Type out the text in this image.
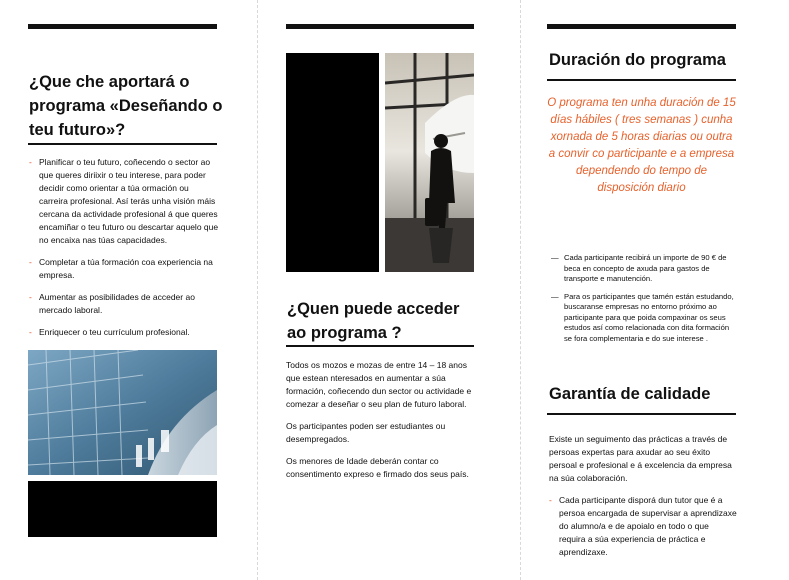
¿Que che aportará o programa «Deseñando o teu futuro»?
- Planificar o teu futuro, coñecendo o sector ao que queres diriixir o teu interese, para poder decidir como orientar a túa ormación ou carreira profesional. Así terás unha visión máis cercana da actividade profesional á que queres encamiñar o teu futuro ou descartar aquelo que no encaixa nas túas capacidades.
- Completar a túa formación coa experiencia na empresa.
- Aumentar as posibilidades de acceder ao mercado laboral.
- Enriquecer o teu currículum profesional.
¿Quen puede acceder ao programa ?

Todos os mozos e mozas de entre 14 – 18 anos que estean nteresados en aumentar a súa formación, coñecendo dun sector ou actividade e comezar a deseñar o seu plan de futuro laboral.

Os participantes poden ser estudiantes ou desempregados.

Os menores de Idade deberán contar co consentimento expreso e firmado dos seus país.

Duración do programa
O programa ten unha duración de 15 días hábiles ( tres semanas ) cunha xornada de 5 horas diarias ou outra a convir co participante e a empresa dependendo do tempo de disposición diario
— Cada participante recibirá un importe de 90 € de beca en concepto de axuda para gastos de transporte e manutención.
— Para os participantes que tamén están estudando, buscaranse empresas no entorno próximo ao participante para que poida compaxinar os seus estudos así como relacionada con dita formación se fora complementaria e do sue interese .
Garantía de calidade

Existe un seguimento das prácticas a través de persoas expertas para axudar ao seu éxito persoal e profesional e á excelencia da empresa na súa colaboración.

- Cada participante disporá dun tutor que é a persoa encargada de supervisar a aprendizaxe do alumno/a e de apoialo en todo o que requira a súa experiencia de práctica e aprendizaxe.
